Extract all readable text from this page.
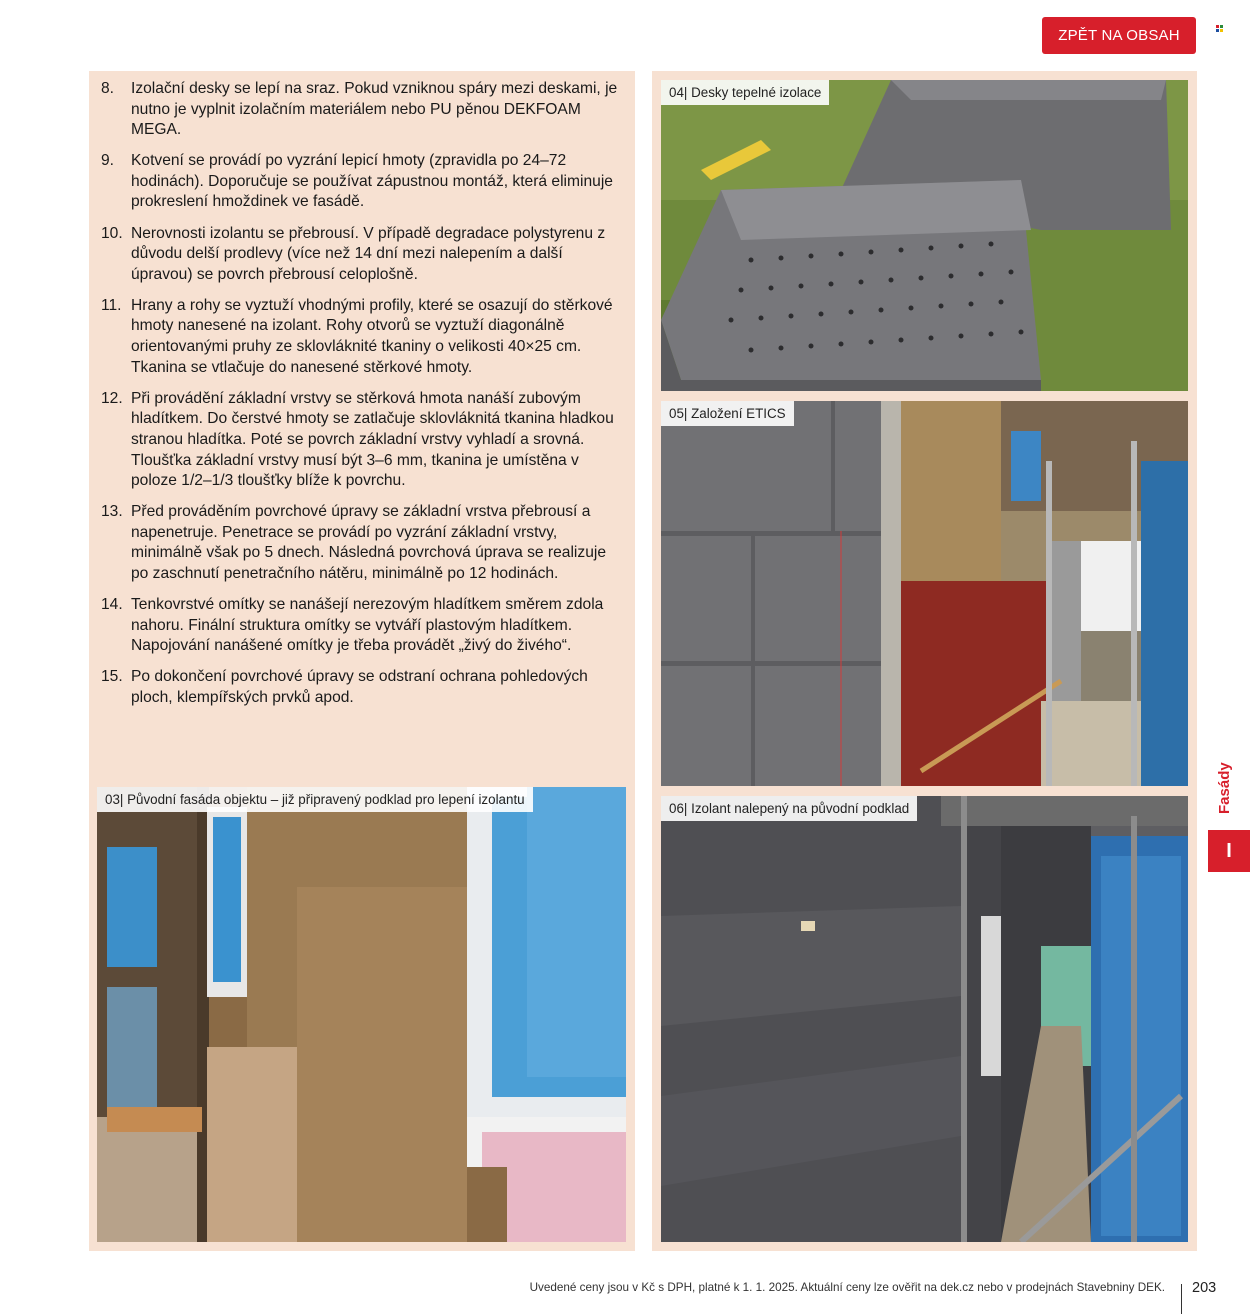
ZPĚT NA OBSAH
8.	Izolační desky se lepí na sraz. Pokud vzniknou spáry mezi deskami, je nutno je vyplnit izolačním materiálem nebo PU pěnou DEKFOAM MEGA.
9.	Kotvení se provádí po vyzrání lepicí hmoty (zpravidla po 24–72 hodinách). Doporučuje se používat zápustnou montáž, která eliminuje prokreslení hmoždinek ve fasádě.
10. Nerovnosti izolantu se přebrousí. V případě degradace polystyrenu z důvodu delší prodlevy (více než 14 dní mezi nalepením a další úpravou) se povrch přebrousí celoplošně.
11. Hrany a rohy se vyztuží vhodnými profily, které se osazují do stěrkové hmoty nanesené na izolant. Rohy otvorů se vyztuží diagonálně orientovanými pruhy ze sklovláknité tkaniny o velikosti 40×25 cm. Tkanina se vtlačuje do nanesené stěrkové hmoty.
12. Při provádění základní vrstvy se stěrková hmota nanáší zubovým hladítkem. Do čerstvé hmoty se zatlačuje sklovláknitá tkanina hladkou stranou hladítka. Poté se povrch základní vrstvy vyhladí a srovná. Tloušťka základní vrstvy musí být 3–6 mm, tkanina je umístěna v poloze 1/2–1/3 tloušťky blíže k povrchu.
13. Před prováděním povrchové úpravy se základní vrstva přebrousí a napenetruje. Penetrace se provádí po vyzrání základní vrstvy, minimálně však po 5 dnech. Následná povrchová úprava se realizuje po zaschnutí penetračního nátěru, minimálně po 12 hodinách.
14. Tenkovrstvé omítky se nanášejí nerezovým hladítkem směrem zdola nahoru. Finální struktura omítky se vytváří plastovým hladítkem. Napojování nanášené omítky je třeba provádět „živý do živého“.
15. Po dokončení povrchové úpravy se odstraní ochrana pohledových ploch, klempířských prvků apod.
03| Původní fasáda objektu – již připravený podklad pro lepení izolantu
04| Desky tepelné izolace
05| Založení ETICS
06| Izolant nalepený na původní podklad	Fasády
I
Uvedené ceny jsou v Kč s DPH, platné k 1. 1. 2025. Aktuální ceny lze ověřit na dek.cz nebo v prodejnách Stavebniny DEK. 203
